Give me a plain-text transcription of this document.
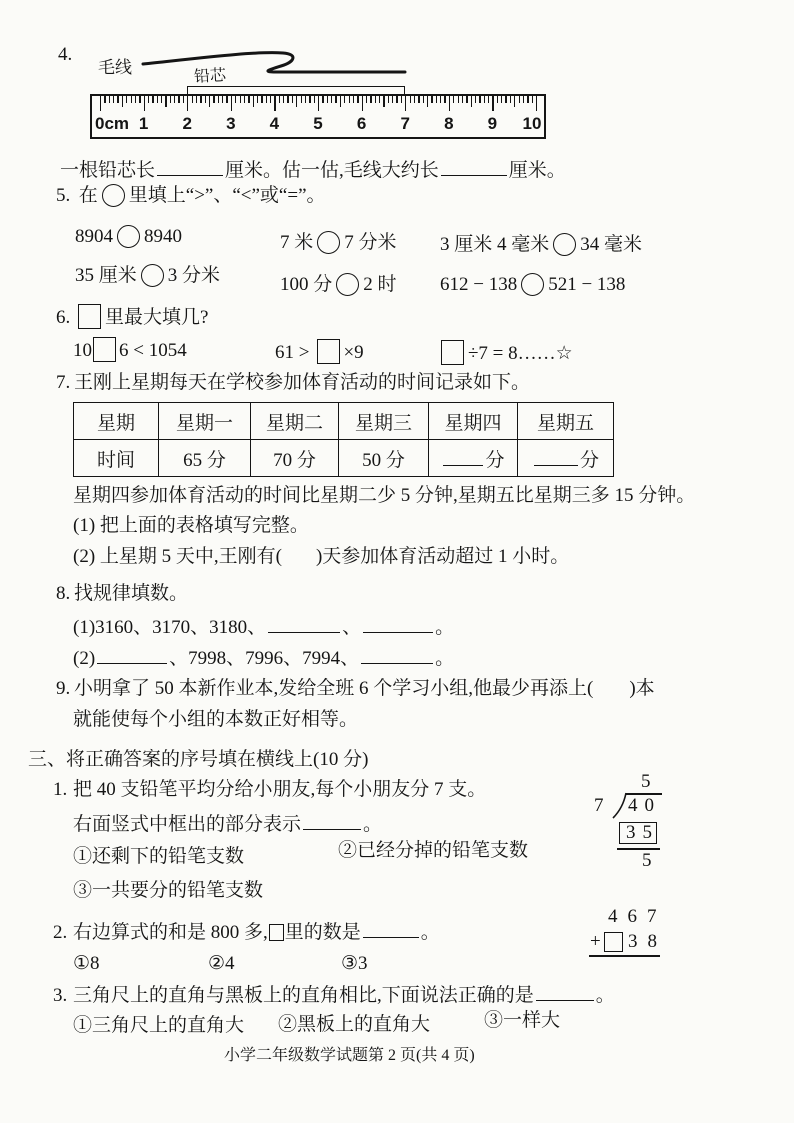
4.
毛线	铅芯
0cm 1 2 3 4 5 6 7 8 9 10
一根铅芯长	厘米。估一估,毛线大约长	厘米。
5. 在 里填上“>”、“<”或“=”。
8904 8940	7 米 7 分米 3 厘米 4 毫米 34 毫米
35 厘米 3 分米	100 分 2 时 612 − 138 521 − 138
6. 里最大填几?
10 6 < 1054	61 > ×9	÷7 = 8……☆
7. 王刚上星期每天在学校参加体育活动的时间记录如下。
星期	星期一	星期二	星期三	星期四	星期五
时间	65 分	70 分	50 分	分	分
星期四参加体育活动的时间比星期二少 5 分钟,星期五比星期三多 15 分钟。
(1) 把上面的表格填写完整。
(2) 上星期 5 天中,王刚有( )天参加体育活动超过 1 小时。
8. 找规律填数。
(1)3160、3170、3180、	、	。
(2)	、7998、7996、7994、	。
9. 小明拿了 50 本新作业本,发给全班 6 个学习小组,他最少再添上( )本
就能使每个小组的本数正好相等。
三、将正确答案的序号填在横线上(10 分)
1. 把 40 支铅笔平均分给小朋友,每个小朋友分 7 支。
右面竖式中框出的部分表示	。
①还剩下的铅笔支数	②已经分掉的铅笔支数
③一共要分的铅笔支数
5
7 40
35
5
2. 右边算式的和是 800 多, 里的数是	。
①8	②4	③3
467
+ 38
3. 三角尺上的直角与黑板上的直角相比,下面说法正确的是	。
①三角尺上的直角大 ②黑板上的直角大	③一样大
小学二年级数学试题第 2 页(共 4 页)
